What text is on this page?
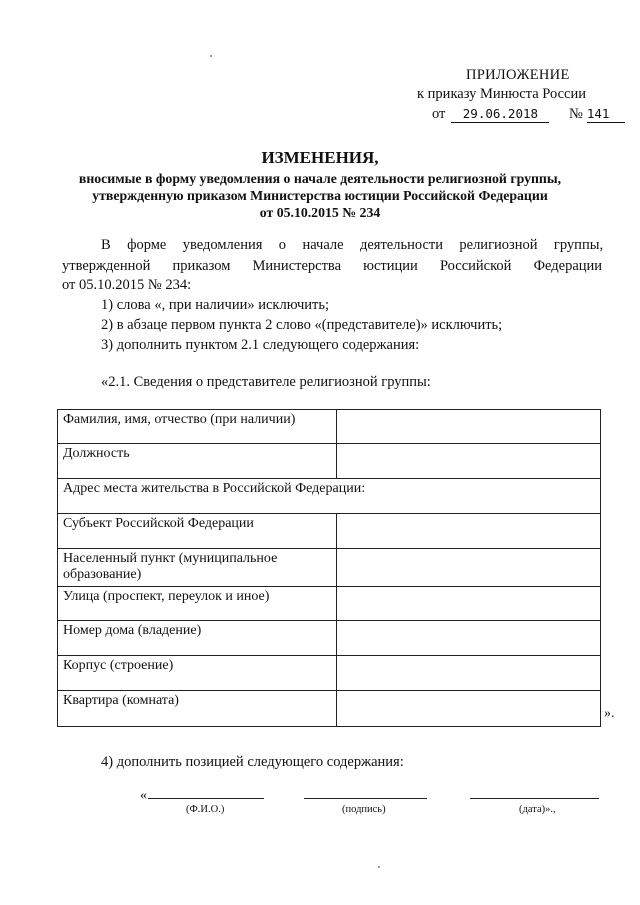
ПРИЛОЖЕНИЕ
к приказу Минюста России
от 29.06.2018 № 141
ИЗМЕНЕНИЯ,
вносимые в форму уведомления о начале деятельности религиозной группы,
утвержденную приказом Министерства юстиции Российской Федерации
от 05.10.2015 № 234
В форме уведомления о начале деятельности религиозной группы,
утвержденной приказом Министерства юстиции Российской Федерации
от 05.10.2015 № 234:
1) слова «, при наличии» исключить;
2) в абзаце первом пункта 2 слово «(представителе)» исключить;
3) дополнить пунктом 2.1 следующего содержания:
«2.1. Сведения о представителе религиозной группы:
Фамилия, имя, отчество (при наличии)	
Должность	
Адрес места жительства в Российской Федерации:	
Субъект Российской Федерации	
Населенный пункт (муниципальное образование)	
Улица (проспект, переулок и иное)	
Номер дома (владение)	
Корпус (строение)	
Квартира (комната)	
».
4) дополнить позицией следующего содержания:
«
(Ф.И.О.)	(подпись)	(дата)».,
